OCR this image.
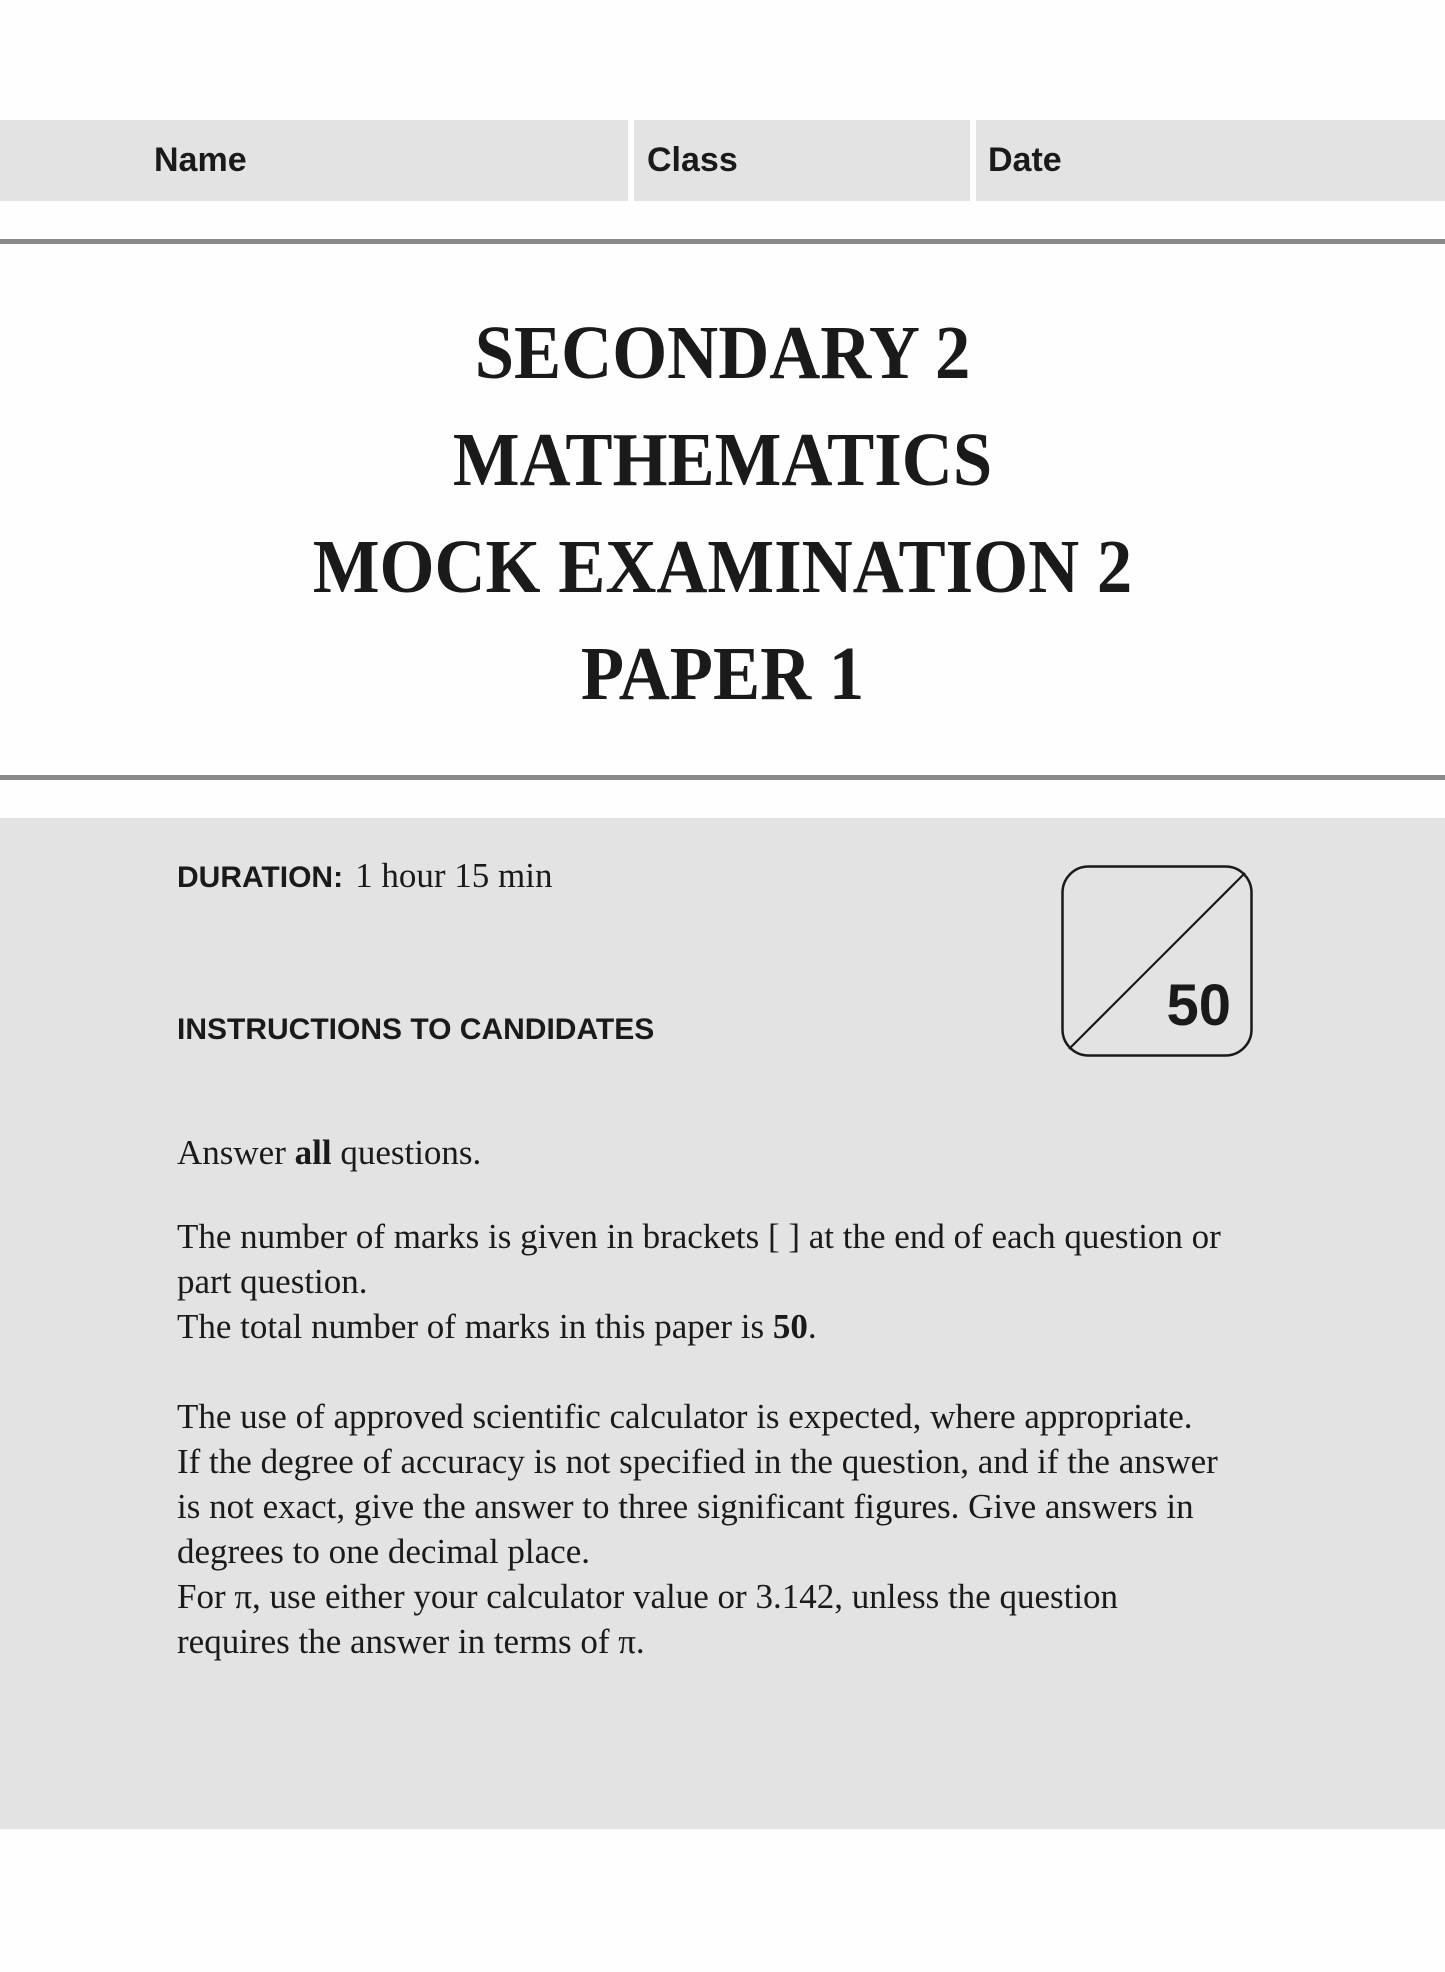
Name	Class	Date
SECONDARY 2
MATHEMATICS
MOCK EXAMINATION 2
PAPER 1
DURATION: 1 hour 15 min
50
INSTRUCTIONS TO CANDIDATES
Answer all questions.
The number of marks is given in brackets [ ] at the end of each question or
part question.
The total number of marks in this paper is 50.
The use of approved scientific calculator is expected, where appropriate.
If the degree of accuracy is not specified in the question, and if the answer
is not exact, give the answer to three significant figures. Give answers in
degrees to one decimal place.
For π, use either your calculator value or 3.142, unless the question
requires the answer in terms of π.
